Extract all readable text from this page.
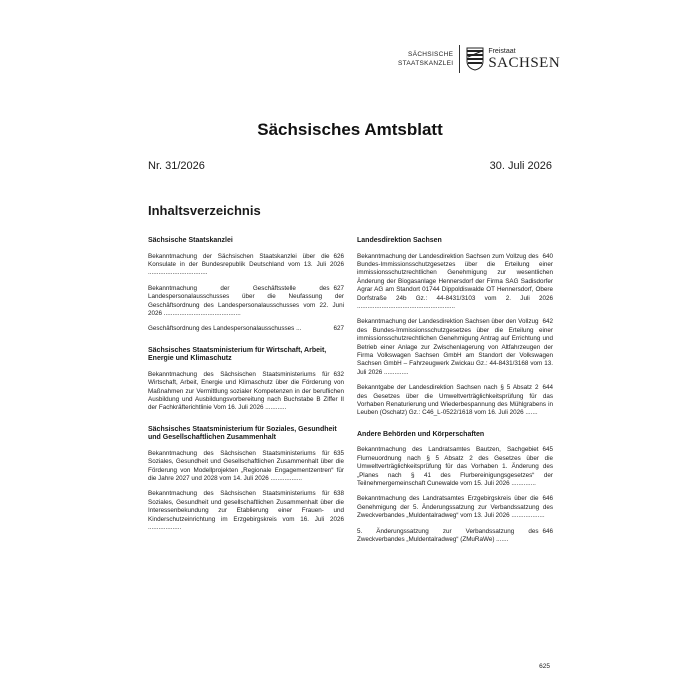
SÄCHSISCHE
STAATSKANZLEI
Freistaat
SACHSEN
Sächsisches Amtsblatt
Nr. 31/2026	30. Juli 2026
Inhaltsverzeichnis
Sächsische Staatskanzlei
626
Bekanntmachung der Sächsischen Staatskanzlei über die Konsulate in der Bundesrepublik Deutschland vom 13. Juli 2026 ..................................
627
Bekanntmachung der Geschäftsstelle des Landespersonalausschusses über die Neufassung der Geschäftsordnung des Landespersonalausschusses vom 22. Juni 2026 ............................................
627
Geschäftsordnung des Landespersonalausschusses ...
Sächsisches Staatsministerium für Wirtschaft, Arbeit, Energie und Klimaschutz
632
Bekanntmachung des Sächsischen Staatsministeriums für Wirtschaft, Arbeit, Energie und Klimaschutz über die Förderung von Maßnahmen zur Vermittlung sozialer Kompetenzen in der beruflichen Ausbildung und Ausbildungsvorbereitung nach Buchstabe B Ziffer II der Fachkräfterichtlinie Vom 16. Juli 2026 ............
Sächsisches Staatsministerium für Soziales, Gesundheit und Gesellschaftlichen Zusammenhalt
635
Bekanntmachung des Sächsischen Staatsministeriums für Soziales, Gesundheit und Gesellschaftlichen Zusammenhalt über die Förderung von Modellprojekten „Regionale Engagementzentren“ für die Jahre 2027 und 2028 vom 14. Juli 2026 ..................
638
Bekanntmachung des Sächsischen Staatsministeriums für Soziales, Gesundheit und gesellschaftlichen Zusammenhalt über die Interessenbekundung zur Etablierung einer Frauen- und Kinderschutzeinrichtung im Erzgebirgskreis vom 16. Juli 2026 ...................
Landesdirektion Sachsen
640
Bekanntmachung der Landesdirektion Sachsen zum Vollzug des Bundes-Immissionsschutzgesetzes über die Erteilung einer immissionsschutzrechtlichen Genehmigung zur wesentlichen Änderung der Biogasanlage Hennersdorf der Firma SAG Sadisdorfer Agrar AG am Standort 01744 Dippoldiswalde OT Hennersdorf, Obere Dorfstraße 24b Gz.: 44-8431/3103 vom 2. Juli 2026 ........................................................
642
Bekanntmachung der Landesdirektion Sachsen über den Vollzug des Bundes-Immissionsschutzgesetzes über die Erteilung einer immissionsschutzrechtlichen Genehmigung Antrag auf Errichtung und Betrieb einer Anlage zur Zwischenlagerung von Altfahrzeugen der Firma Volkswagen Sachsen GmbH am Standort der Volkswagen Sachsen GmbH – Fahrzeugwerk Zwickau Gz.: 44-8431/3168 vom 13. Juli 2026 ..............
644
Bekanntgabe der Landesdirektion Sachsen nach § 5 Absatz 2 des Gesetzes über die Umweltverträglichkeitsprüfung für das Vorhaben Renaturierung und Wiederbespannung des Mühlgrabens in Leuben (Oschatz) Gz.: C46_L-0522/1618 vom 16. Juli 2026 .......
Andere Behörden und Körperschaften
645
Bekanntmachung des Landratsamtes Bautzen, Sachgebiet Flurneuordnung nach § 5 Absatz 2 des Gesetzes über die Umweltverträglichkeitsprüfung für das Vorhaben 1. Änderung des „Planes nach § 41 des Flurbereinigungsgesetzes“ der Teilnehmergemeinschaft Cunewalde vom 15. Juli 2026 ..............
646
Bekanntmachung des Landratsamtes Erzgebirgskreis über die Genehmigung der 5. Änderungssatzung zur Verbandssatzung des Zweckverbandes „Muldentalradweg“ vom 13. Juli 2026 ...................
646
5. Änderungssatzung zur Verbandssatzung des Zweckverbandes „Muldentalradweg“ (ZMuRaWe) .......
625
